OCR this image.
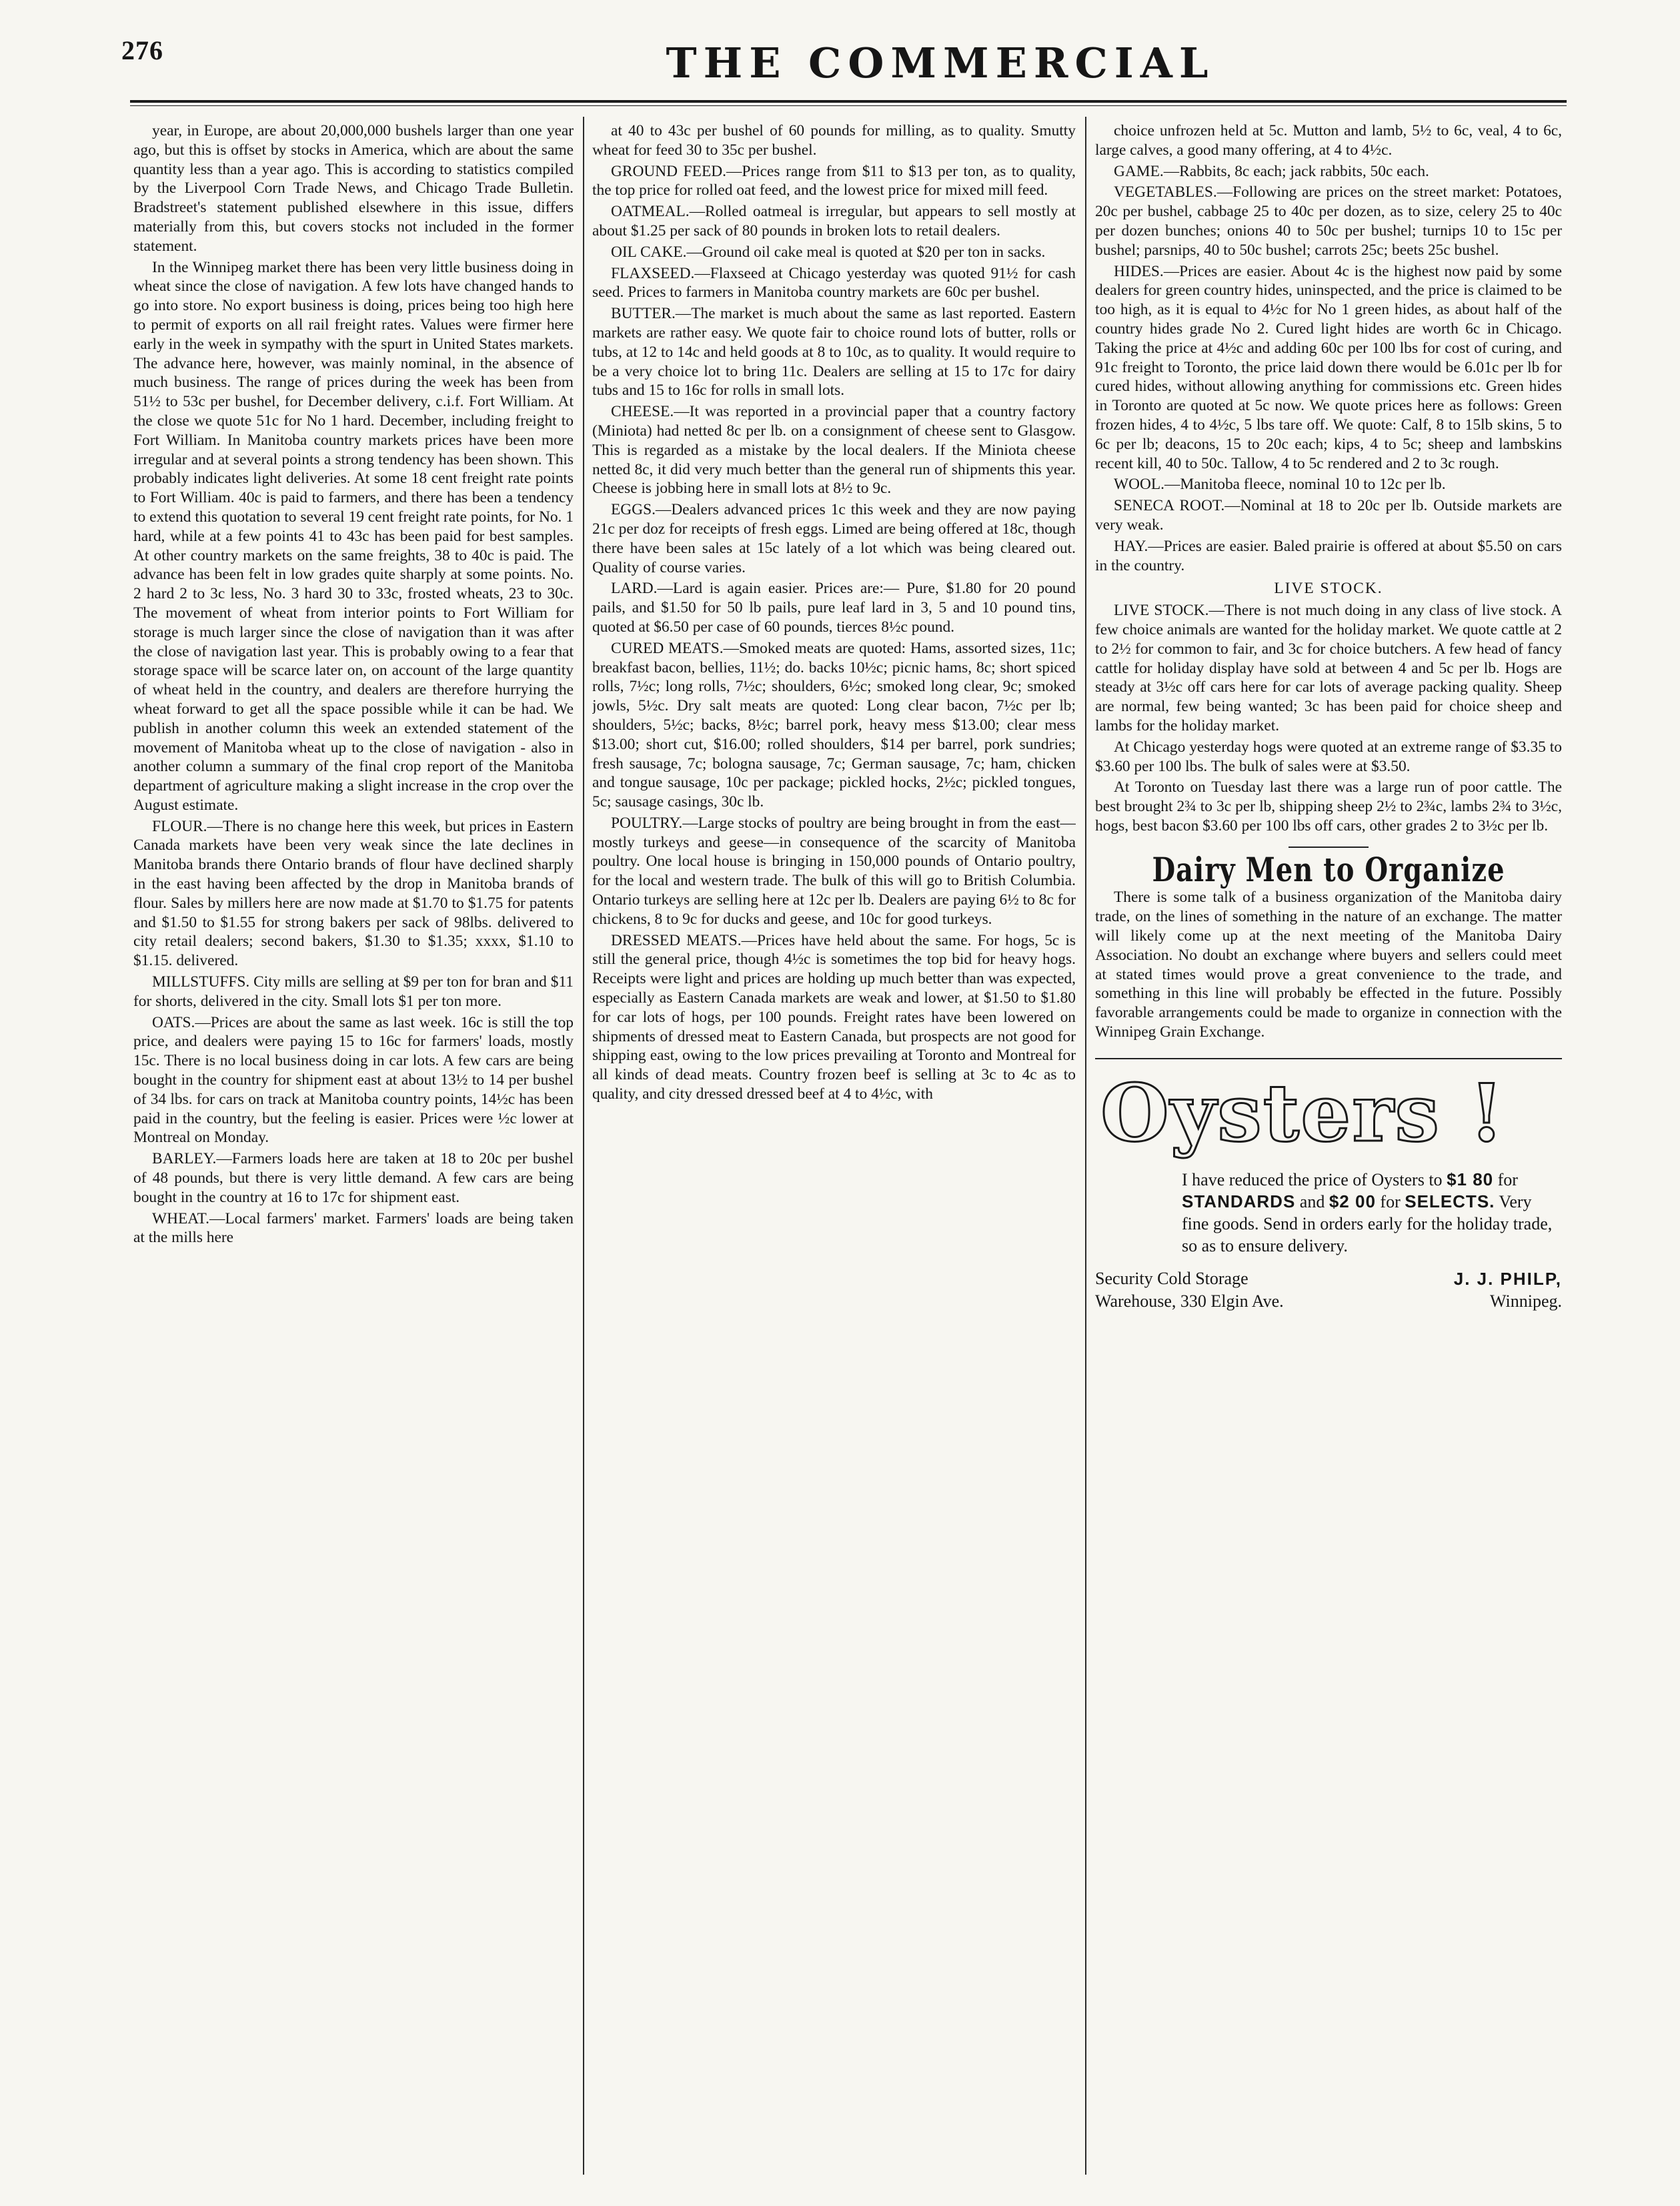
276	THE COMMERCIAL

year, in Europe, are about 20,000,000 bushels larger than one year ago, but this is offset by stocks in America, which are about the same quantity less than a year ago. This is according to statistics compiled by the Liverpool Corn Trade News, and Chicago Trade Bulletin. Bradstreet's statement published elsewhere in this issue, differs materially from this, but covers stocks not included in the former statement.

In the Winnipeg market there has been very little business doing in wheat since the close of navigation. A few lots have changed hands to go into store. No export business is doing, prices being too high here to permit of exports on all rail freight rates. Values were firmer here early in the week in sympathy with the spurt in United States markets. The advance here, however, was mainly nominal, in the absence of much business. The range of prices during the week has been from 51½ to 53c per bushel, for December delivery, c.i.f. Fort William. At the close we quote 51c for No 1 hard. December, including freight to Fort William. In Manitoba country markets prices have been more irregular and at several points a strong tendency has been shown. This probably indicates light deliveries. At some 18 cent freight rate points to Fort William. 40c is paid to farmers, and there has been a tendency to extend this quotation to several 19 cent freight rate points, for No. 1 hard, while at a few points 41 to 43c has been paid for best samples. At other country markets on the same freights, 38 to 40c is paid. The advance has been felt in low grades quite sharply at some points. No. 2 hard 2 to 3c less, No. 3 hard 30 to 33c, frosted wheats, 23 to 30c. The movement of wheat from interior points to Fort William for storage is much larger since the close of navigation than it was after the close of navigation last year. This is probably owing to a fear that storage space will be scarce later on, on account of the large quantity of wheat held in the country, and dealers are therefore hurrying the wheat forward to get all the space possible while it can be had. We publish in another column this week an extended statement of the movement of Manitoba wheat up to the close of navigation - also in another column a summary of the final crop report of the Manitoba department of agriculture making a slight increase in the crop over the August estimate.

FLOUR.—There is no change here this week, but prices in Eastern Canada markets have been very weak since the late declines in Manitoba brands there Ontario brands of flour have declined sharply in the east having been affected by the drop in Manitoba brands of flour. Sales by millers here are now made at $1.70 to $1.75 for patents and $1.50 to $1.55 for strong bakers per sack of 98lbs. delivered to city retail dealers; second bakers, $1.30 to $1.35; xxxx, $1.10 to $1.15. delivered.

MILLSTUFFS. City mills are selling at $9 per ton for bran and $11 for shorts, delivered in the city. Small lots $1 per ton more.

OATS.—Prices are about the same as last week. 16c is still the top price, and dealers were paying 15 to 16c for farmers' loads, mostly 15c. There is no local business doing in car lots. A few cars are being bought in the country for shipment east at about 13½ to 14 per bushel of 34 lbs. for cars on track at Manitoba country points, 14½c has been paid in the country, but the feeling is easier. Prices were ½c lower at Montreal on Monday.

BARLEY.—Farmers loads here are taken at 18 to 20c per bushel of 48 pounds, but there is very little demand. A few cars are being bought in the country at 16 to 17c for shipment east.

WHEAT.—Local farmers' market. Farmers' loads are being taken at the mills here

at 40 to 43c per bushel of 60 pounds for milling, as to quality. Smutty wheat for feed 30 to 35c per bushel.

GROUND FEED.—Prices range from $11 to $13 per ton, as to quality, the top price for rolled oat feed, and the lowest price for mixed mill feed.

OATMEAL.—Rolled oatmeal is irregular, but appears to sell mostly at about $1.25 per sack of 80 pounds in broken lots to retail dealers.

OIL CAKE.—Ground oil cake meal is quoted at $20 per ton in sacks.

FLAXSEED.—Flaxseed at Chicago yesterday was quoted 91½ for cash seed. Prices to farmers in Manitoba country markets are 60c per bushel.

BUTTER.—The market is much about the same as last reported. Eastern markets are rather easy. We quote fair to choice round lots of butter, rolls or tubs, at 12 to 14c and held goods at 8 to 10c, as to quality. It would require to be a very choice lot to bring 11c. Dealers are selling at 15 to 17c for dairy tubs and 15 to 16c for rolls in small lots.

CHEESE.—It was reported in a provincial paper that a country factory (Miniota) had netted 8c per lb. on a consignment of cheese sent to Glasgow. This is regarded as a mistake by the local dealers. If the Miniota cheese netted 8c, it did very much better than the general run of shipments this year. Cheese is jobbing here in small lots at 8½ to 9c.

EGGS.—Dealers advanced prices 1c this week and they are now paying 21c per doz for receipts of fresh eggs. Limed are being offered at 18c, though there have been sales at 15c lately of a lot which was being cleared out. Quality of course varies.

LARD.—Lard is again easier. Prices are:— Pure, $1.80 for 20 pound pails, and $1.50 for 50 lb pails, pure leaf lard in 3, 5 and 10 pound tins, quoted at $6.50 per case of 60 pounds, tierces 8½c pound.

CURED MEATS.—Smoked meats are quoted: Hams, assorted sizes, 11c; breakfast bacon, bellies, 11½; do. backs 10½c; picnic hams, 8c; short spiced rolls, 7½c; long rolls, 7½c; shoulders, 6½c; smoked long clear, 9c; smoked jowls, 5½c. Dry salt meats are quoted: Long clear bacon, 7½c per lb; shoulders, 5½c; backs, 8½c; barrel pork, heavy mess $13.00; clear mess $13.00; short cut, $16.00; rolled shoulders, $14 per barrel, pork sundries; fresh sausage, 7c; bologna sausage, 7c; German sausage, 7c; ham, chicken and tongue sausage, 10c per package; pickled hocks, 2½c; pickled tongues, 5c; sausage casings, 30c lb.

POULTRY.—Large stocks of poultry are being brought in from the east—mostly turkeys and geese—in consequence of the scarcity of Manitoba poultry. One local house is bringing in 150,000 pounds of Ontario poultry, for the local and western trade. The bulk of this will go to British Columbia. Ontario turkeys are selling here at 12c per lb. Dealers are paying 6½ to 8c for chickens, 8 to 9c for ducks and geese, and 10c for good turkeys.

DRESSED MEATS.—Prices have held about the same. For hogs, 5c is still the general price, though 4½c is sometimes the top bid for heavy hogs. Receipts were light and prices are holding up much better than was expected, especially as Eastern Canada markets are weak and lower, at $1.50 to $1.80 for car lots of hogs, per 100 pounds. Freight rates have been lowered on shipments of dressed meat to Eastern Canada, but prospects are not good for shipping east, owing to the low prices prevailing at Toronto and Montreal for all kinds of dead meats. Country frozen beef is selling at 3c to 4c as to quality, and city dressed dressed beef at 4 to 4½c, with

choice unfrozen held at 5c. Mutton and lamb, 5½ to 6c, veal, 4 to 6c, large calves, a good many offering, at 4 to 4½c.

GAME.—Rabbits, 8c each; jack rabbits, 50c each.

VEGETABLES.—Following are prices on the street market: Potatoes, 20c per bushel, cabbage 25 to 40c per dozen, as to size, celery 25 to 40c per dozen bunches; onions 40 to 50c per bushel; turnips 10 to 15c per bushel; parsnips, 40 to 50c bushel; carrots 25c; beets 25c bushel.

HIDES.—Prices are easier. About 4c is the highest now paid by some dealers for green country hides, uninspected, and the price is claimed to be too high, as it is equal to 4½c for No 1 green hides, as about half of the country hides grade No 2. Cured light hides are worth 6c in Chicago. Taking the price at 4½c and adding 60c per 100 lbs for cost of curing, and 91c freight to Toronto, the price laid down there would be 6.01c per lb for cured hides, without allowing anything for commissions etc. Green hides in Toronto are quoted at 5c now. We quote prices here as follows: Green frozen hides, 4 to 4½c, 5 lbs tare off. We quote: Calf, 8 to 15lb skins, 5 to 6c per lb; deacons, 15 to 20c each; kips, 4 to 5c; sheep and lambskins recent kill, 40 to 50c. Tallow, 4 to 5c rendered and 2 to 3c rough.

WOOL.—Manitoba fleece, nominal 10 to 12c per lb.

SENECA ROOT.—Nominal at 18 to 20c per lb. Outside markets are very weak.

HAY.—Prices are easier. Baled prairie is offered at about $5.50 on cars in the country.

LIVE STOCK.

LIVE STOCK.—There is not much doing in any class of live stock. A few choice animals are wanted for the holiday market. We quote cattle at 2 to 2½ for common to fair, and 3c for choice butchers. A few head of fancy cattle for holiday display have sold at between 4 and 5c per lb. Hogs are steady at 3½c off cars here for car lots of average packing quality. Sheep are normal, few being wanted; 3c has been paid for choice sheep and lambs for the holiday market.

At Chicago yesterday hogs were quoted at an extreme range of $3.35 to $3.60 per 100 lbs. The bulk of sales were at $3.50.

At Toronto on Tuesday last there was a large run of poor cattle. The best brought 2¾ to 3c per lb, shipping sheep 2½ to 2¾c, lambs 2¾ to 3½c, hogs, best bacon $3.60 per 100 lbs off cars, other grades 2 to 3½c per lb.

Dairy Men to Organize

There is some talk of a business organization of the Manitoba dairy trade, on the lines of something in the nature of an exchange. The matter will likely come up at the next meeting of the Manitoba Dairy Association. No doubt an exchange where buyers and sellers could meet at stated times would prove a great convenience to the trade, and something in this line will probably be effected in the future. Possibly favorable arrangements could be made to organize in connection with the Winnipeg Grain Exchange.

Oysters !
I have reduced the price of Oysters to $1 80 for STANDARDS and $2 00 for SELECTS. Very fine goods. Send in orders early for the holiday trade, so as to ensure delivery.
Security Cold Storage	J. J. PHILP,
Warehouse, 330 Elgin Ave.	Winnipeg.
